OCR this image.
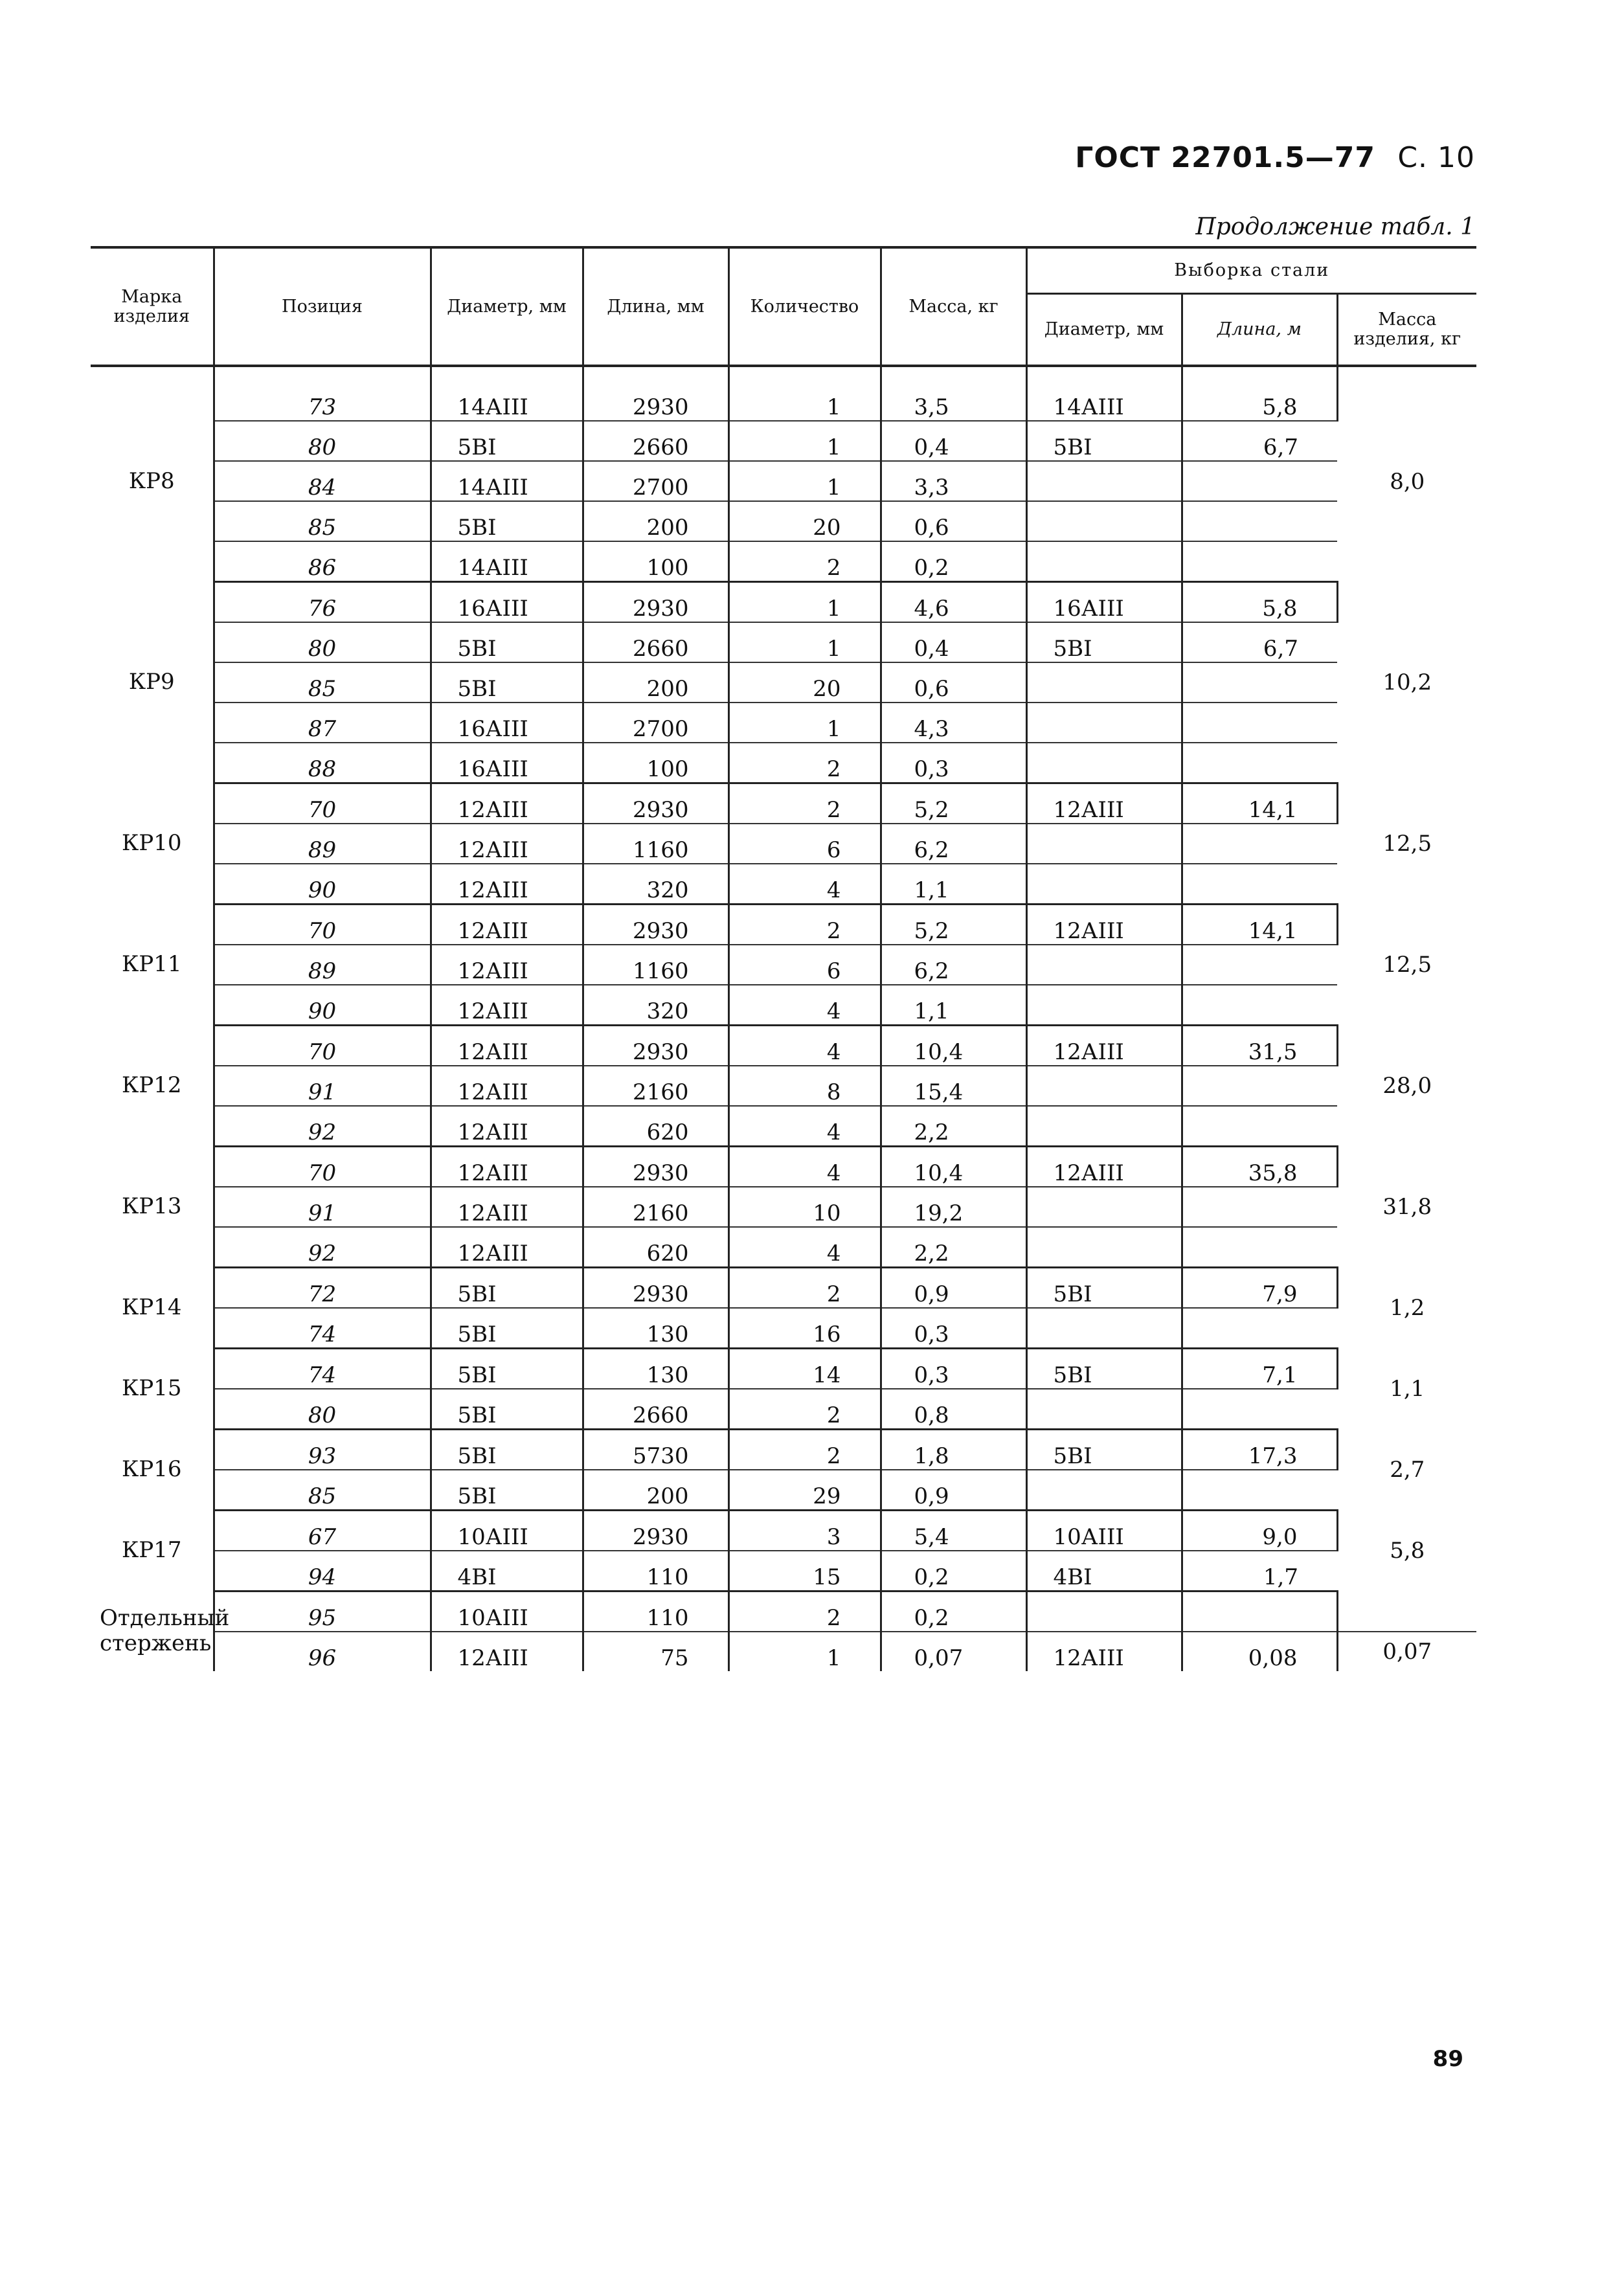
ГОСТ 22701.5—77 С. 10
Продолжение табл. 1
Марка изделия	Позиция	Диаметр, мм	Длина, мм	Количество	Масса, кг	Выборка стали		
						Диаметр, мм	Длина, м	Масса изделия, кг

КР8	73	14АIII	2930	1	3,5	14АIII	5,8	8,0
	80	5ВI	2660	1	0,4	5ВI	6,7	
	84	14АIII	2700	1	3,3			
	85	5ВI	200	20	0,6			
	86	14АIII	100	2	0,2			
КР9	76	16АIII	2930	1	4,6	16АIII	5,8	10,2
	80	5ВI	2660	1	0,4	5ВI	6,7	
	85	5ВI	200	20	0,6			
	87	16АIII	2700	1	4,3			
	88	16АIII	100	2	0,3			
КР10	70	12АIII	2930	2	5,2	12АIII	14,1	12,5
	89	12АIII	1160	6	6,2			
	90	12АIII	320	4	1,1			
КР11	70	12АIII	2930	2	5,2	12АIII	14,1	12,5
	89	12АIII	1160	6	6,2			
	90	12АIII	320	4	1,1			
КР12	70	12АIII	2930	4	10,4	12АIII	31,5	28,0
	91	12АIII	2160	8	15,4			
	92	12АIII	620	4	2,2			
КР13	70	12АIII	2930	4	10,4	12АIII	35,8	31,8
	91	12АIII	2160	10	19,2			
	92	12АIII	620	4	2,2			
КР14	72	5ВI	2930	2	0,9	5ВI	7,9	1,2
	74	5ВI	130	16	0,3			
КР15	74	5ВI	130	14	0,3	5ВI	7,1	1,1
	80	5ВI	2660	2	0,8			
КР16	93	5ВI	5730	2	1,8	5ВI	17,3	2,7
	85	5ВI	200	29	0,9			
КР17	67	10АIII	2930	3	5,4	10АIII	9,0	5,8
	94	4ВI	110	15	0,2	4ВI	1,7	
Отдельный стержень	95	10АIII	110	2	0,2			
	96	12АIII	75	1	0,07	12АIII	0,08	0,07
89
